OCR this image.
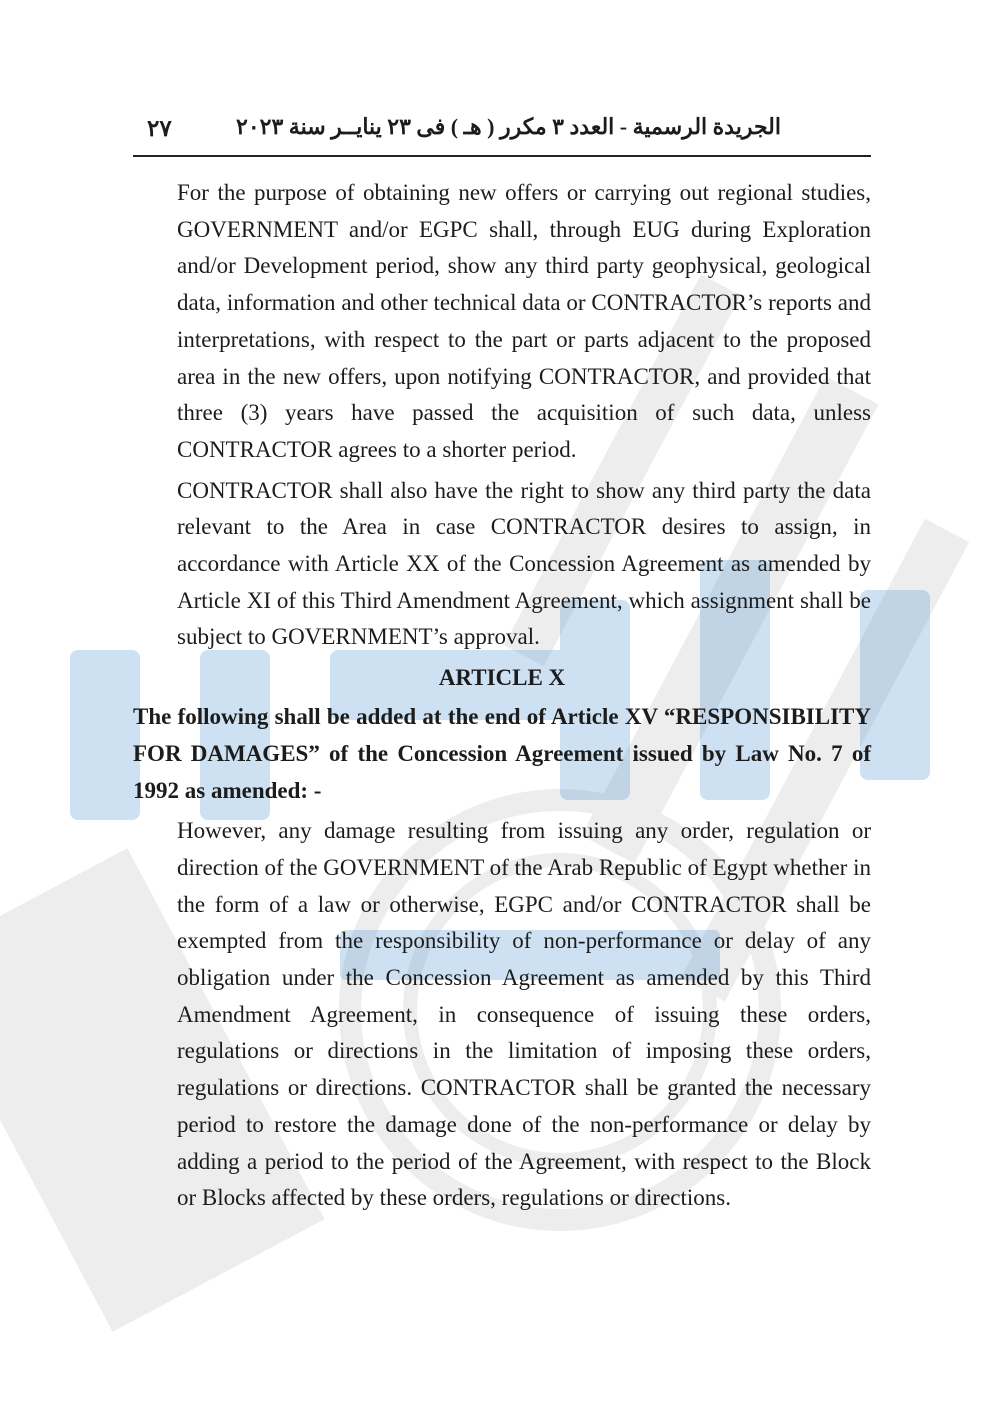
٢٧	الجريدة الرسمية - العدد ٣ مكرر ( هـ ) فى ٢٣ ينايــر سنة ٢٠٢٣

For the purpose of obtaining new offers or carrying out regional studies, GOVERNMENT and/or EGPC shall, through EUG during Exploration and/or Development period, show any third party geophysical, geological data, information and other technical data or CONTRACTOR’s reports and interpretations, with respect to the part or parts adjacent to the proposed area in the new offers, upon notifying CONTRACTOR, and provided that three (3) years have passed the acquisition of such data, unless CONTRACTOR agrees to a shorter period.

CONTRACTOR shall also have the right to show any third party the data relevant to the Area in case CONTRACTOR desires to assign, in accordance with Article XX of the Concession Agreement as amended by Article XI of this Third Amendment Agreement, which assignment shall be subject to GOVERNMENT’s approval.

ARTICLE X

The following shall be added at the end of Article XV “RESPONSIBILITY FOR DAMAGES” of the Concession Agreement issued by Law No. 7 of 1992 as amended: -

However, any damage resulting from issuing any order, regulation or direction of the GOVERNMENT of the Arab Republic of Egypt whether in the form of a law or otherwise, EGPC and/or CONTRACTOR shall be exempted from the responsibility of non-performance or delay of any obligation under the Concession Agreement as amended by this Third Amendment Agreement, in consequence of issuing these orders, regulations or directions in the limitation of imposing these orders, regulations or directions. CONTRACTOR shall be granted the necessary period to restore the damage done of the non-performance or delay by adding a period to the period of the Agreement, with respect to the Block or Blocks affected by these orders, regulations or directions.
